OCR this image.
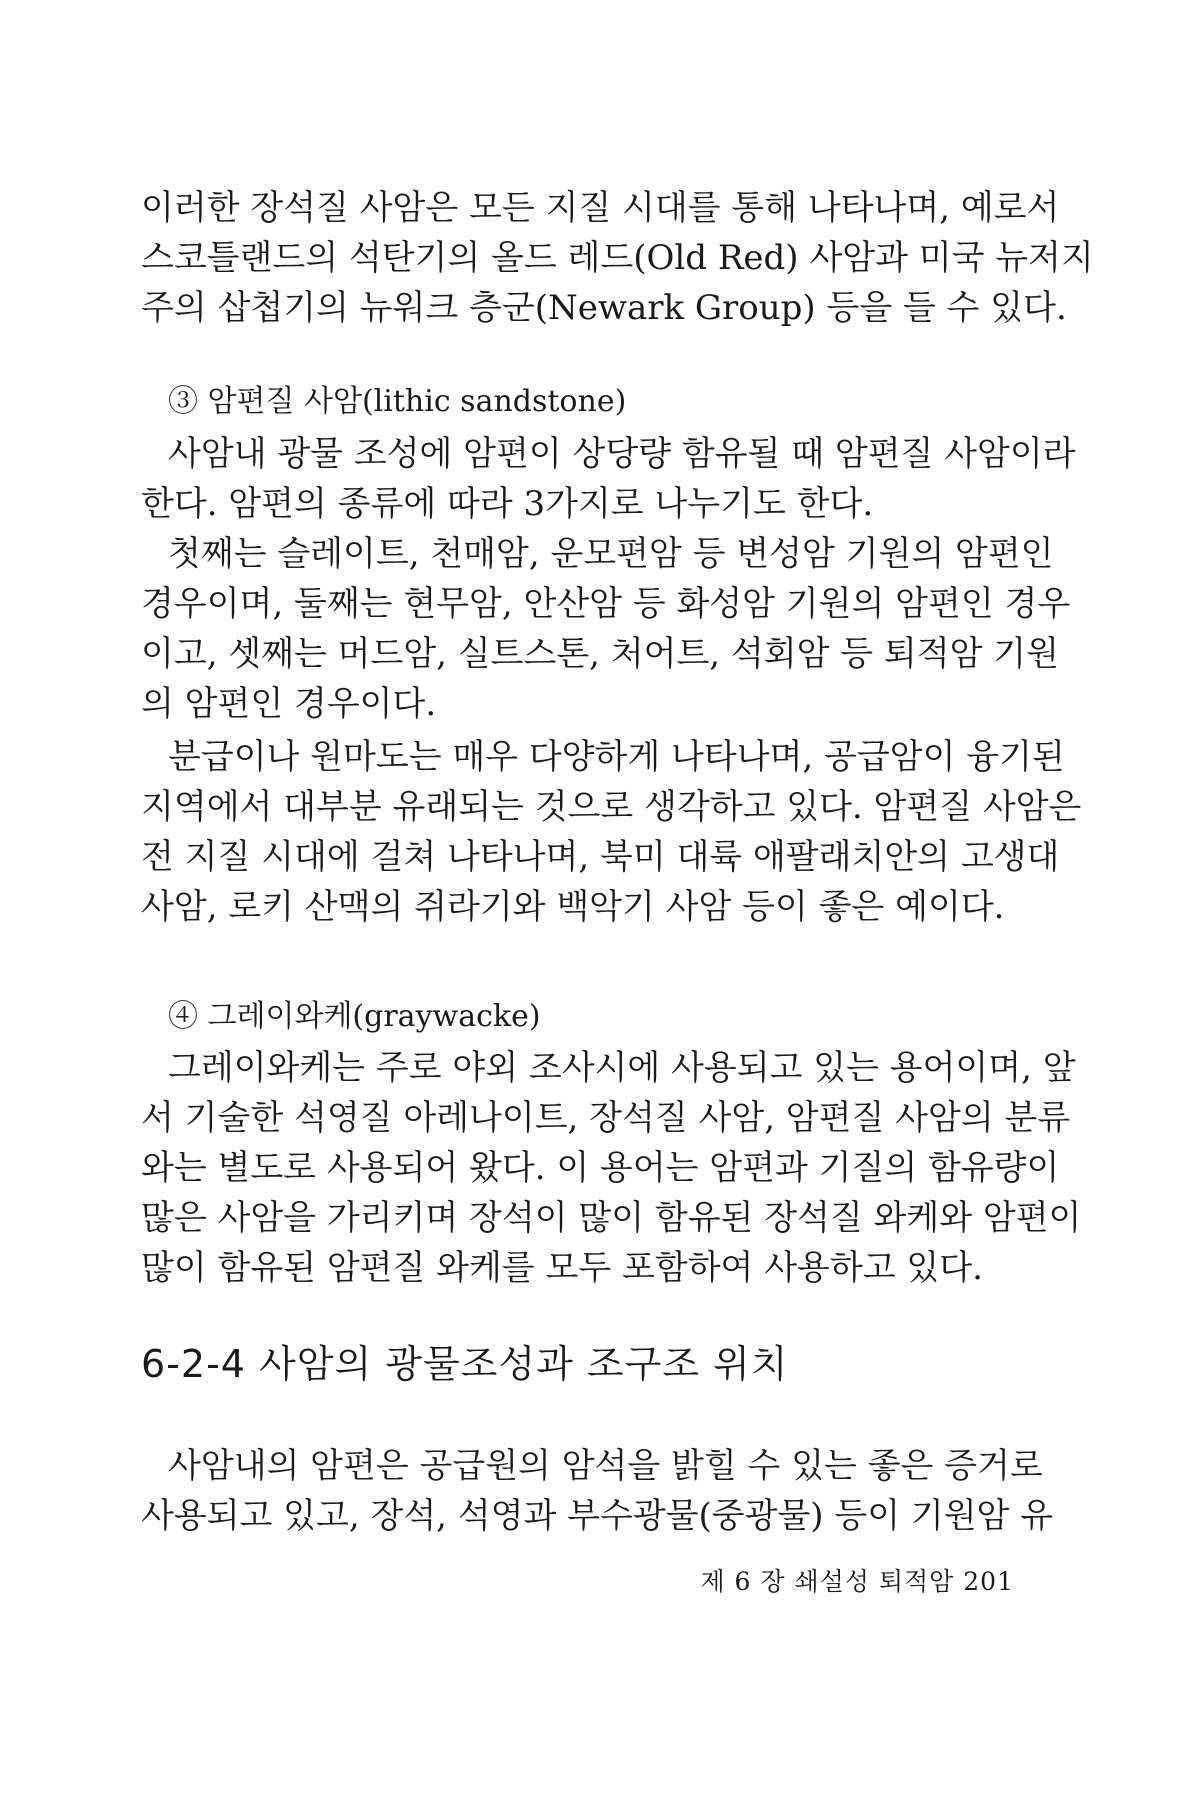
이러한 장석질 사암은 모든 지질 시대를 통해 나타나며, 예로서
스코틀랜드의 석탄기의 올드 레드(Old Red) 사암과 미국 뉴저지
주의 삽첩기의 뉴워크 층군(Newark Group) 등을 들 수 있다.
③ 암편질 사암(lithic sandstone)
사암내 광물 조성에 암편이 상당량 함유될 때 암편질 사암이라
한다. 암편의 종류에 따라 3가지로 나누기도 한다.
첫째는 슬레이트, 천매암, 운모편암 등 변성암 기원의 암편인
경우이며, 둘째는 현무암, 안산암 등 화성암 기원의 암편인 경우
이고, 셋째는 머드암, 실트스톤, 처어트, 석회암 등 퇴적암 기원
의 암편인 경우이다.
분급이나 원마도는 매우 다양하게 나타나며, 공급암이 융기된
지역에서 대부분 유래되는 것으로 생각하고 있다. 암편질 사암은
전 지질 시대에 걸쳐 나타나며, 북미 대륙 애팔래치안의 고생대
사암, 로키 산맥의 쥐라기와 백악기 사암 등이 좋은 예이다.
④ 그레이와케(graywacke)
그레이와케는 주로 야외 조사시에 사용되고 있는 용어이며, 앞
서 기술한 석영질 아레나이트, 장석질 사암, 암편질 사암의 분류
와는 별도로 사용되어 왔다. 이 용어는 암편과 기질의 함유량이
많은 사암을 가리키며 장석이 많이 함유된 장석질 와케와 암편이
많이 함유된 암편질 와케를 모두 포함하여 사용하고 있다.
6-2-4 사암의 광물조성과 조구조 위치
사암내의 암편은 공급원의 암석을 밝힐 수 있는 좋은 증거로
사용되고 있고, 장석, 석영과 부수광물(중광물) 등이 기원암 유
제 6 장 쇄설성 퇴적암 201
